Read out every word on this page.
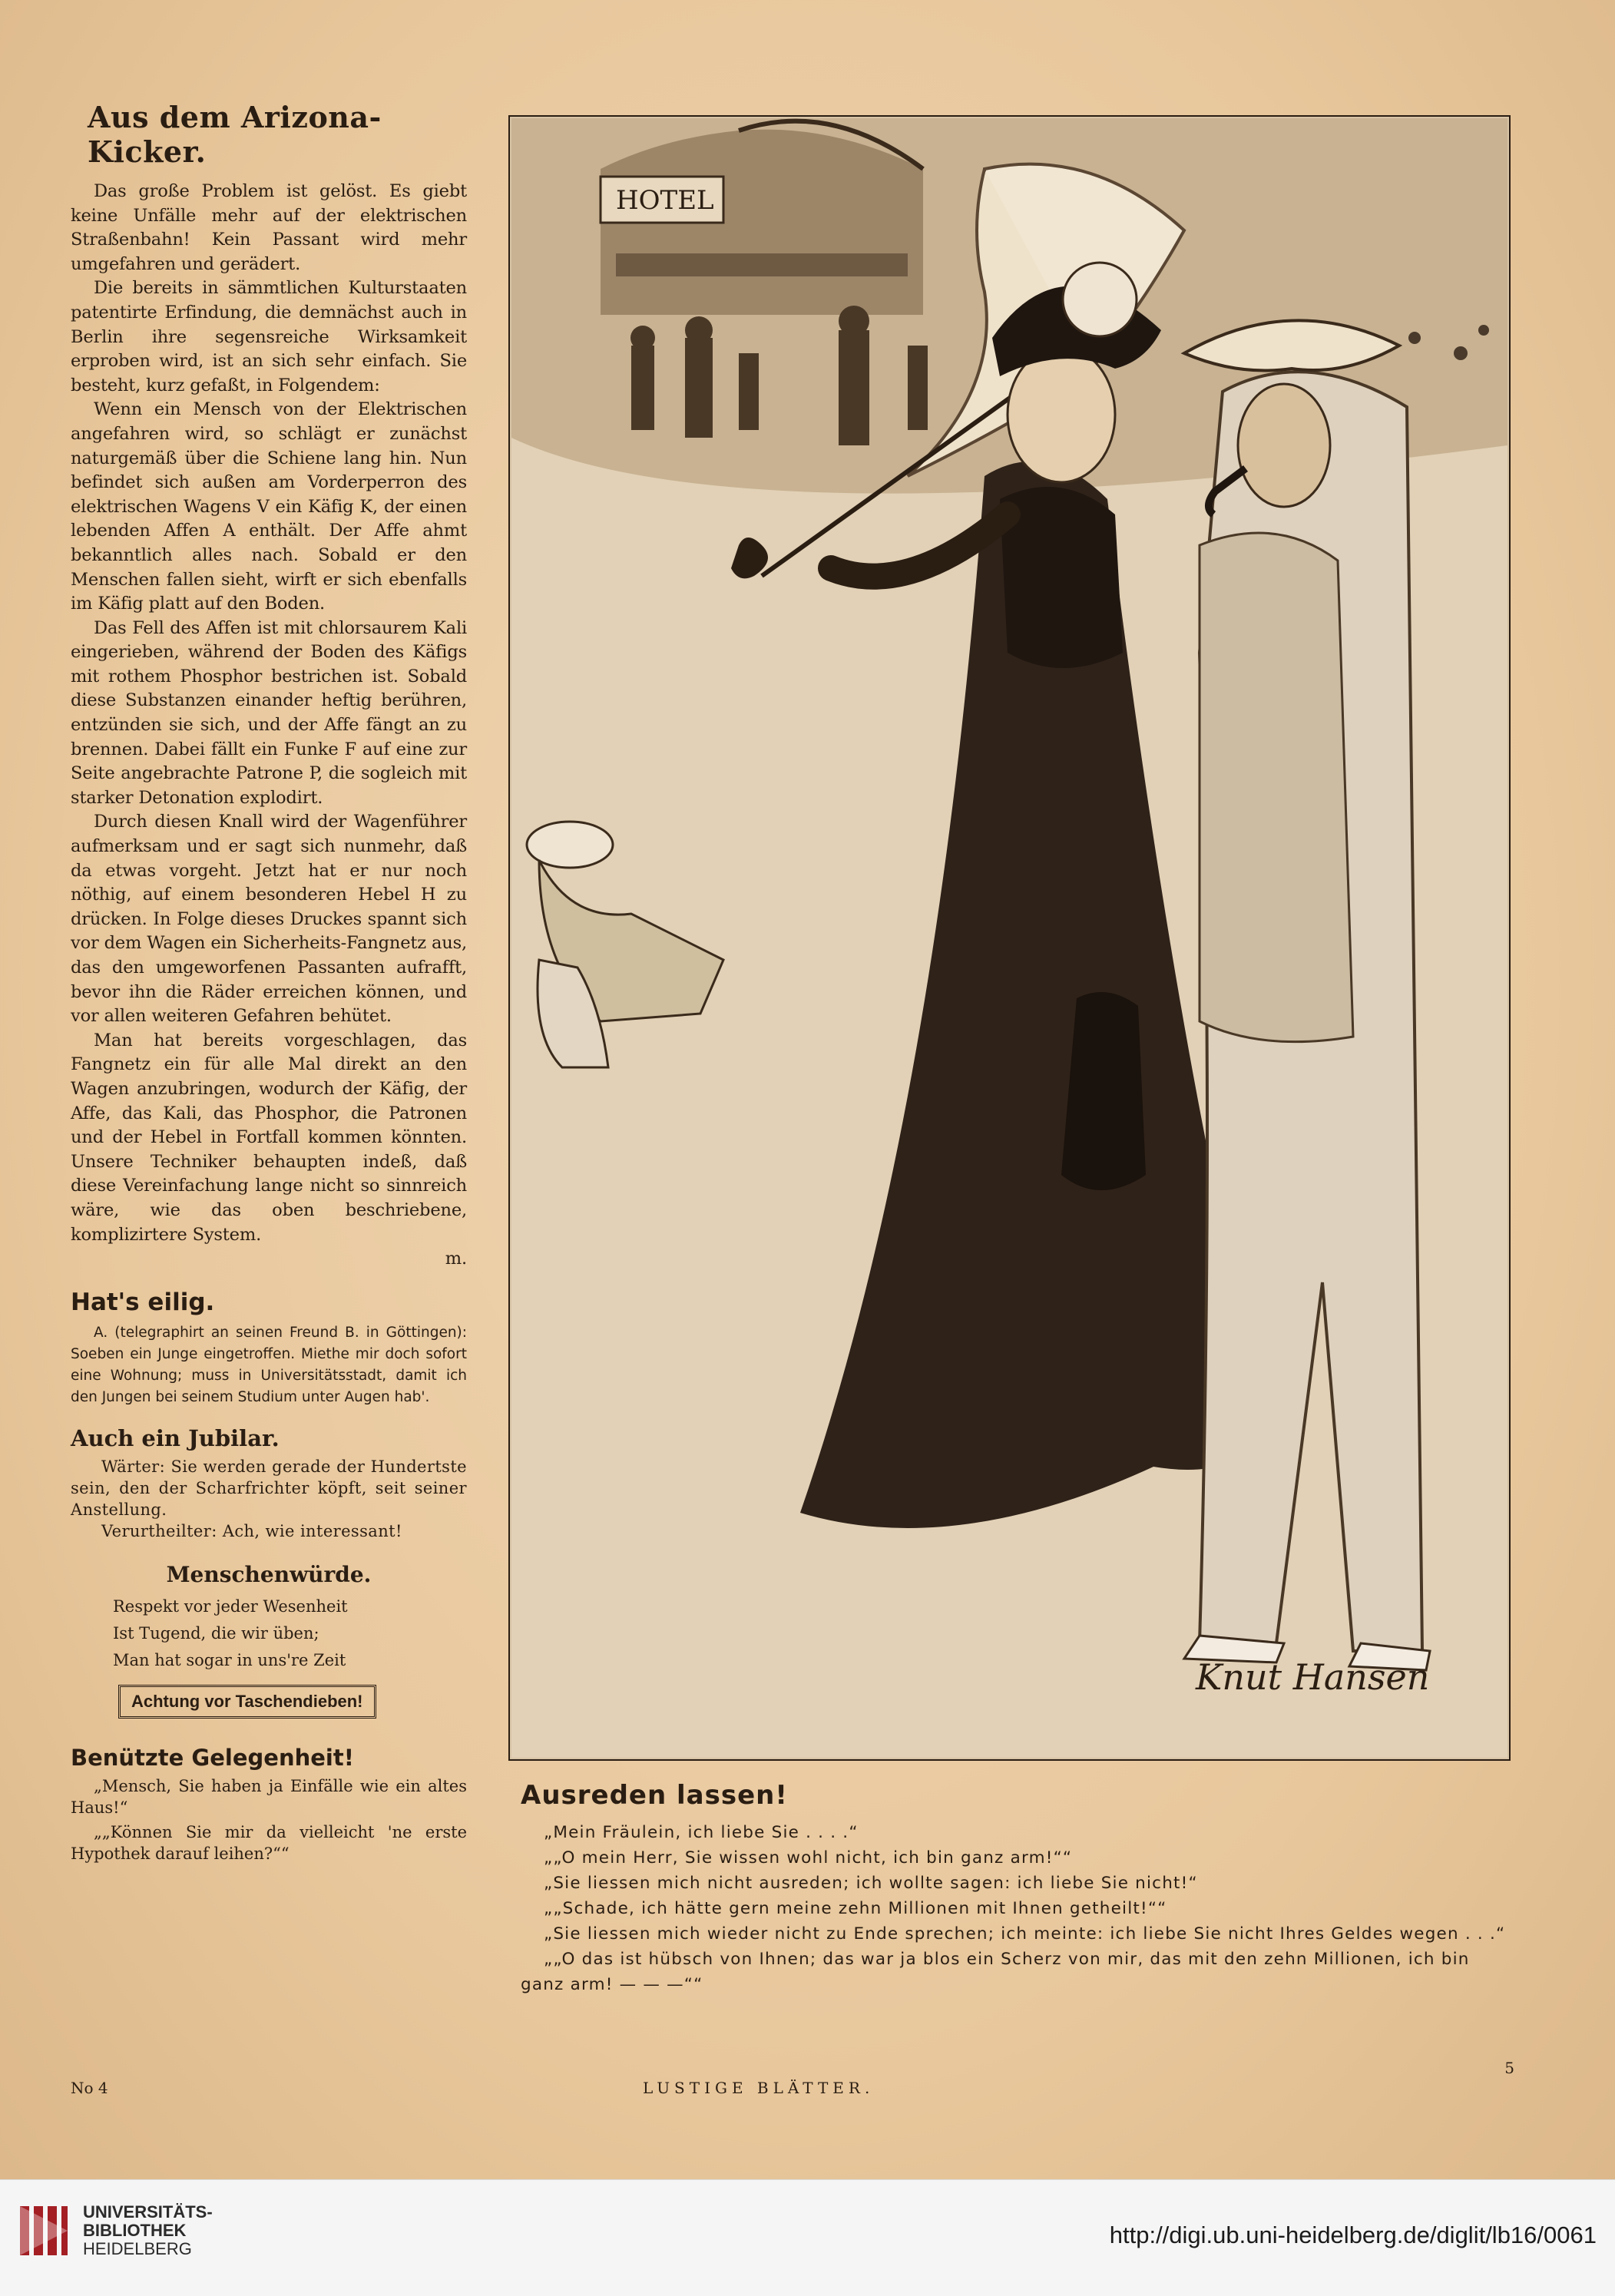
Aus dem Arizona-Kicker.

Das große Problem ist gelöst. Es giebt keine Unfälle mehr auf der elektrischen Straßenbahn! Kein Passant wird mehr umgefahren und gerädert.

Die bereits in sämmtlichen Kulturstaaten patentirte Erfindung, die demnächst auch in Berlin ihre segensreiche Wirksamkeit erproben wird, ist an sich sehr einfach. Sie besteht, kurz gefaßt, in Folgendem:

Wenn ein Mensch von der Elektrischen angefahren wird, so schlägt er zunächst naturgemäß über die Schiene lang hin. Nun befindet sich außen am Vorderperron des elektrischen Wagens V ein Käfig K, der einen lebenden Affen A enthält. Der Affe ahmt bekanntlich alles nach. Sobald er den Menschen fallen sieht, wirft er sich ebenfalls im Käfig platt auf den Boden.

Das Fell des Affen ist mit chlorsaurem Kali eingerieben, während der Boden des Käfigs mit rothem Phosphor bestrichen ist. Sobald diese Substanzen einander heftig berühren, entzünden sie sich, und der Affe fängt an zu brennen. Dabei fällt ein Funke F auf eine zur Seite angebrachte Patrone P, die sogleich mit starker Detonation explodirt.

Durch diesen Knall wird der Wagenführer aufmerksam und er sagt sich nunmehr, daß da etwas vorgeht. Jetzt hat er nur noch nöthig, auf einem besonderen Hebel H zu drücken. In Folge dieses Druckes spannt sich vor dem Wagen ein Sicherheits-Fangnetz aus, das den umgeworfenen Passanten aufrafft, bevor ihn die Räder erreichen können, und vor allen weiteren Gefahren behütet.

Man hat bereits vorgeschlagen, das Fangnetz ein für alle Mal direkt an den Wagen anzubringen, wodurch der Käfig, der Affe, das Kali, das Phosphor, die Patronen und der Hebel in Fortfall kommen könnten. Unsere Techniker behaupten indeß, daß diese Vereinfachung lange nicht so sinnreich wäre, wie das oben beschriebene, komplizirtere System.

m.

Hat's eilig.

A. (telegraphirt an seinen Freund B. in Göttingen): Soeben ein Junge eingetroffen. Miethe mir doch sofort eine Wohnung; muss in Universitätsstadt, damit ich den Jungen bei seinem Studium unter Augen hab'.

Auch ein Jubilar.

Wärter: Sie werden gerade der Hundertste sein, den der Scharfrichter köpft, seit seiner Anstellung.

Verurtheilter: Ach, wie interessant!

Menschenwürde.

Respekt vor jeder Wesenheit

Ist Tugend, die wir üben;

Man hat sogar in uns're Zeit

Achtung vor Taschendieben!
Benützte Gelegenheit!

„Mensch, Sie haben ja Einfälle wie ein altes Haus!“

„„Können Sie mir da vielleicht 'ne erste Hypothek darauf leihen?““

HOTEL
Knut Hansen
Ausreden lassen!

„Mein Fräulein, ich liebe Sie . . . .“

„„O mein Herr, Sie wissen wohl nicht, ich bin ganz arm!““

„Sie liessen mich nicht ausreden; ich wollte sagen: ich liebe Sie nicht!“

„„Schade, ich hätte gern meine zehn Millionen mit Ihnen getheilt!““

„Sie liessen mich wieder nicht zu Ende sprechen; ich meinte: ich liebe Sie nicht Ihres Geldes wegen . . .“

„„O das ist hübsch von Ihnen; das war ja blos ein Scherz von mir, das mit den zehn Millionen, ich bin ganz arm! — — —““

No 4	LUSTIGE BLÄTTER.
5
UNIVERSITÄTS-
BIBLIOTHEK
HEIDELBERG
http://digi.ub.uni-heidelberg.de/diglit/lb16/0061
